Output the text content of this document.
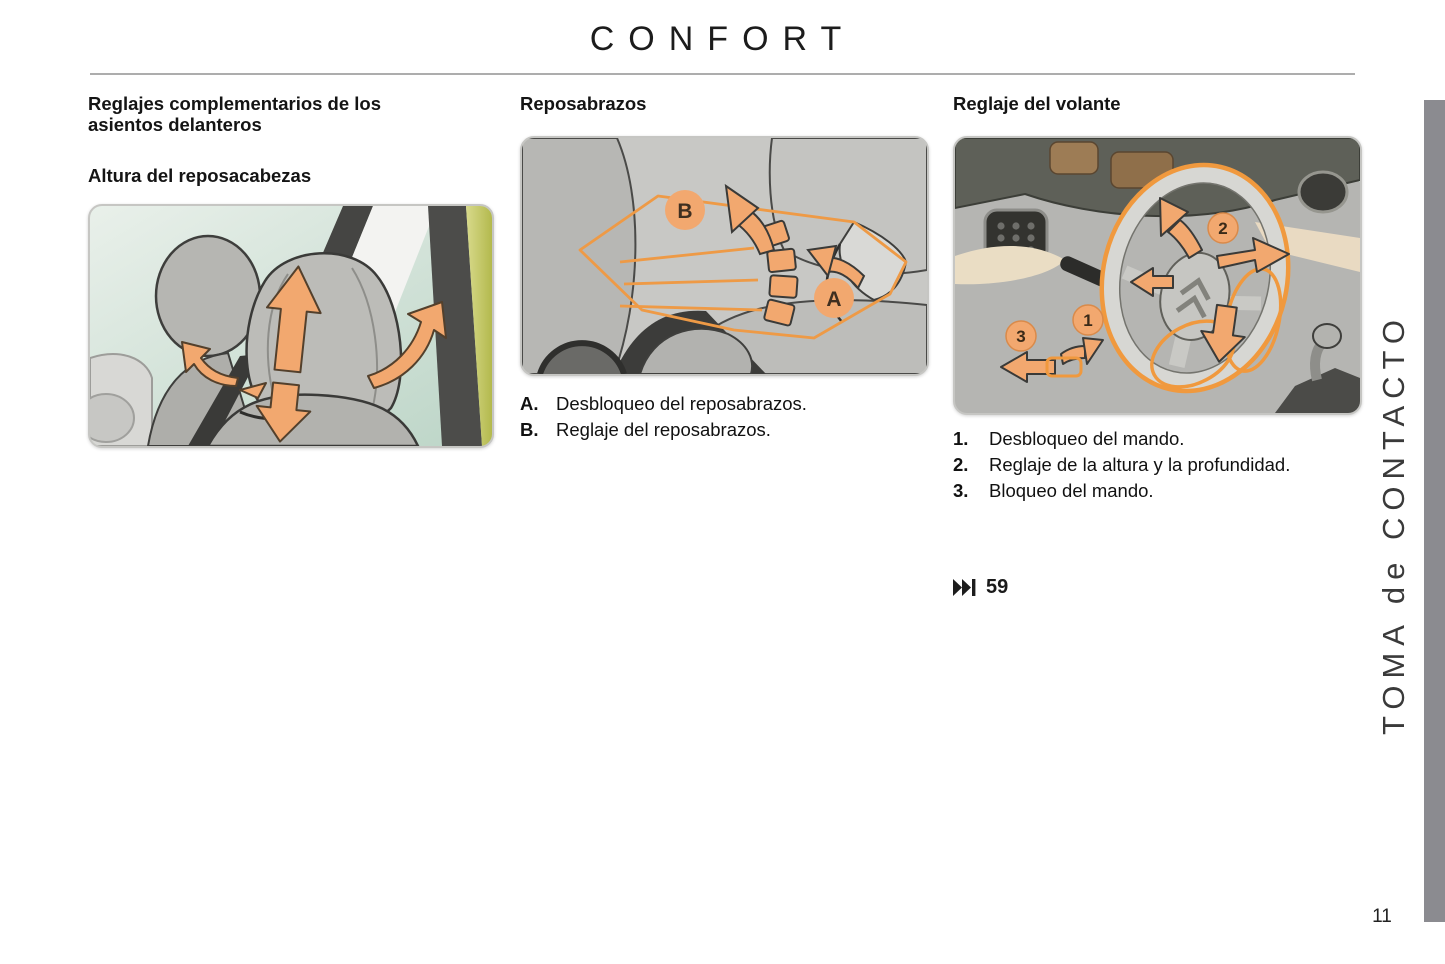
CONFORT
Reglajes complementarios de los asientos delanteros
Altura del reposacabezas
Reposabrazos
B
A
A. Desbloqueo del reposabrazos.
B. Reglaje del reposabrazos.
Reglaje del volante
1
2
3
1.	Desbloqueo del mando.
2.	Reglaje de la altura y la profundidad.
3.	Bloqueo del mando.
59	TOMA de CONTACTO
11
